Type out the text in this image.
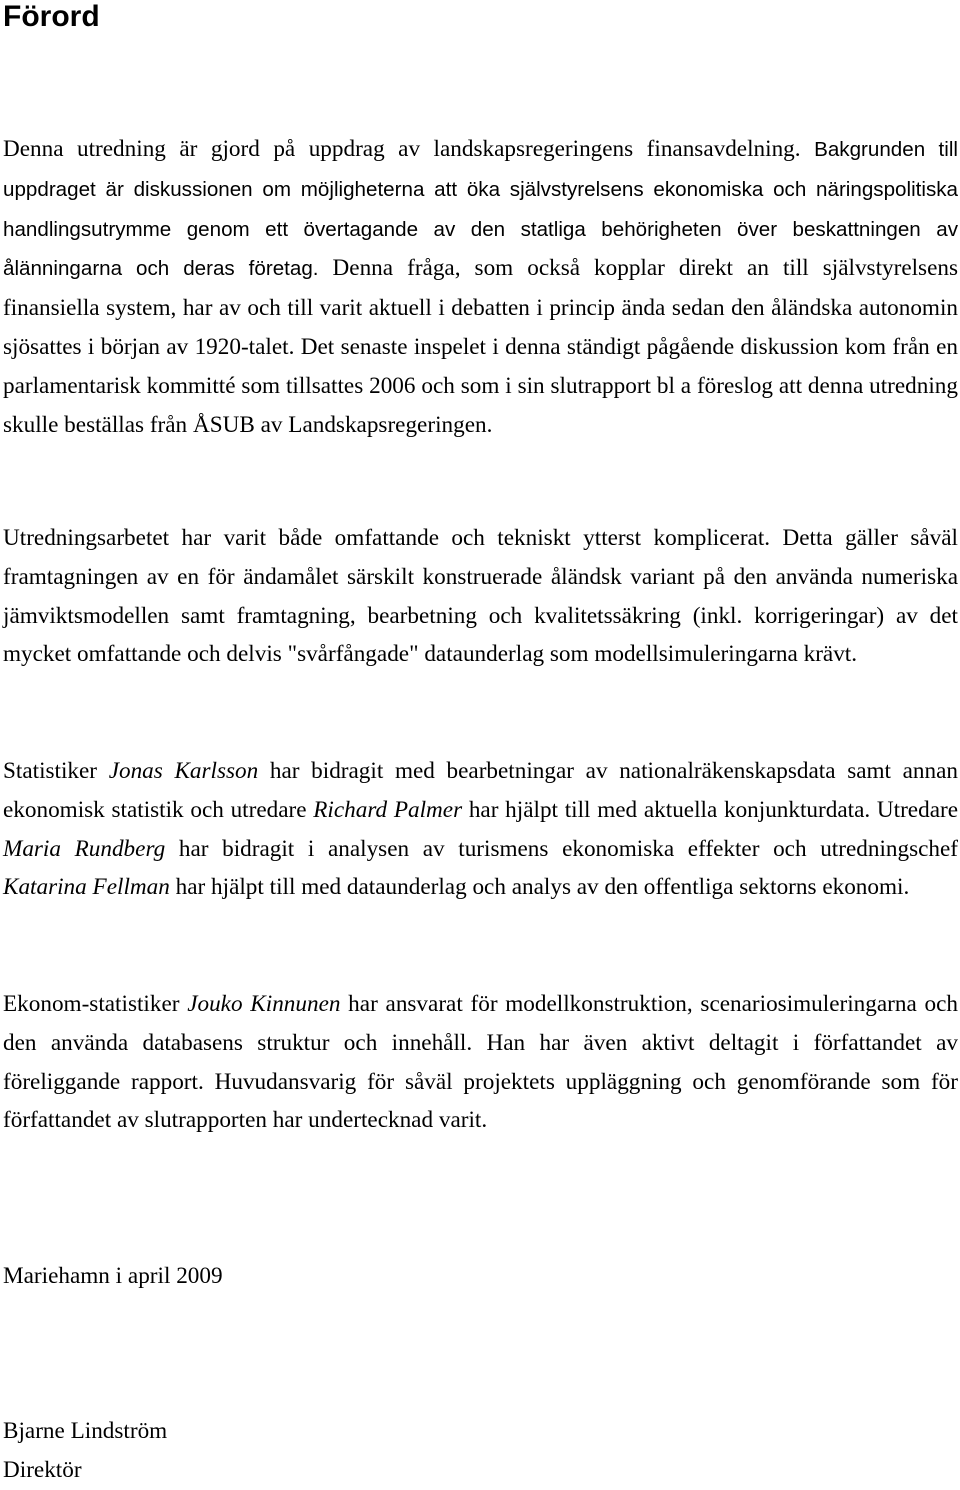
Förord

Denna utredning är gjord på uppdrag av landskapsregeringens finansavdelning. Bakgrunden till uppdraget är diskussionen om möjligheterna att öka självstyrelsens ekonomiska och näringspolitiska handlingsutrymme genom ett övertagande av den statliga behörigheten över beskattningen av ålänningarna och deras företag. Denna fråga, som också kopplar direkt an till självstyrelsens finansiella system, har av och till varit aktuell i debatten i princip ända sedan den åländska autonomin sjösattes i början av 1920-talet. Det senaste inspelet i denna ständigt pågående diskussion kom från en parlamentarisk kommitté som tillsattes 2006 och som i sin slutrapport bl a föreslog att denna utredning skulle beställas från ÅSUB av Landskapsregeringen.

Utredningsarbetet har varit både omfattande och tekniskt ytterst komplicerat. Detta gäller såväl framtagningen av en för ändamålet särskilt konstruerade åländsk variant på den använda numeriska jämviktsmodellen samt framtagning, bearbetning och kvalitetssäkring (inkl. korrigeringar) av det mycket omfattande och delvis "svårfångade" dataunderlag som modellsimuleringarna krävt.

Statistiker Jonas Karlsson har bidragit med bearbetningar av nationalräkenskapsdata samt annan ekonomisk statistik och utredare Richard Palmer har hjälpt till med aktuella konjunkturdata. Utredare Maria Rundberg har bidragit i analysen av turismens ekonomiska effekter och utredningschef Katarina Fellman har hjälpt till med dataunderlag och analys av den offentliga sektorns ekonomi.

Ekonom-statistiker Jouko Kinnunen har ansvarat för modellkonstruktion, scenariosimuleringarna och den använda databasens struktur och innehåll. Han har även aktivt deltagit i författandet av föreliggande rapport. Huvudansvarig för såväl projektets uppläggning och genomförande som för författandet av slutrapporten har undertecknad varit.

Mariehamn i april 2009

Bjarne Lindström

Direktör
